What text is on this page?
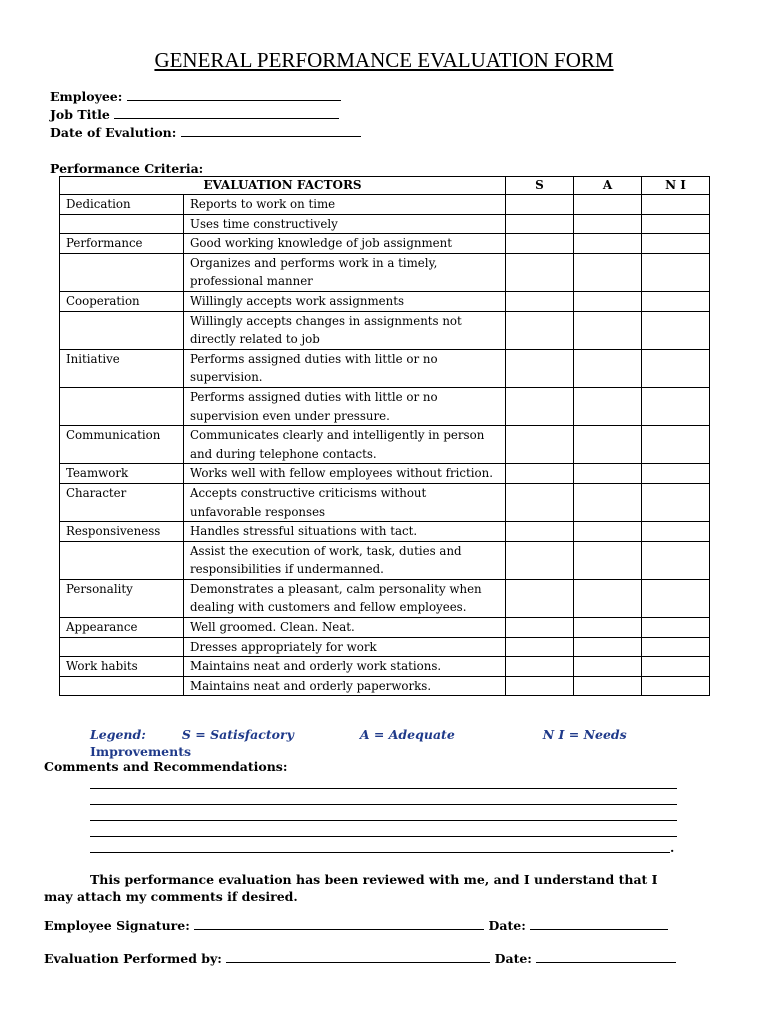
GENERAL PERFORMANCE EVALUATION FORM
Employee:
Job Title
Date of Evalution:
Performance Criteria:
EVALUATION FACTORS		S	A	N I
Dedication	Reports to work on time			
	Uses time constructively			
Performance	Good working knowledge of job assignment			
	Organizes and performs work in a timely, professional manner			
Cooperation	Willingly accepts work assignments			
	Willingly accepts changes in assignments not directly related to job			
Initiative	Performs assigned duties with little or no supervision.			
	Performs assigned duties with little or no supervision even under pressure.			
Communication	Communicates clearly and intelligently in person and during telephone contacts.			
Teamwork	Works well with fellow employees without friction.			
Character	Accepts constructive criticisms without unfavorable responses			
Responsiveness	Handles stressful situations with tact.			
	Assist the execution of work, task, duties and responsibilities if undermanned.			
Personality	Demonstrates a pleasant, calm personality when dealing with customers and fellow employees.			
Appearance	Well groomed. Clean. Neat.			
	Dresses appropriately for work			
Work habits	Maintains neat and orderly work stations.			
	Maintains neat and orderly paperworks.			
Legend:	S = Satisfactory	A = Adequate	N I = Needs
Improvements
Comments and Recommendations:
.
This performance evaluation has been reviewed with me, and I understand that I may attach my comments if desired.
Employee Signature:	Date:
Evaluation Performed by:	Date:
